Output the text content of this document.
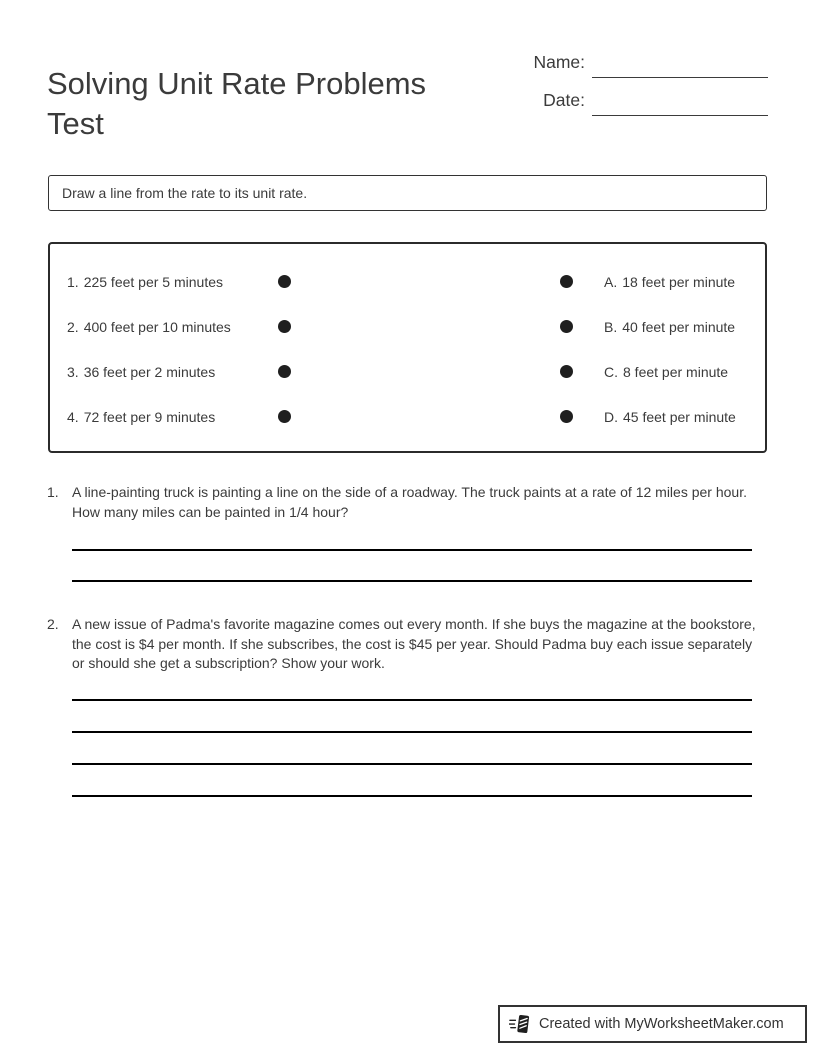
Solving Unit Rate Problems Test
Name:
Date:
Draw a line from the rate to its unit rate.
1. 225 feet per 5 minutes	A. 18 feet per minute
2. 400 feet per 10 minutes	B. 40 feet per minute
3. 36 feet per 2 minutes	C. 8 feet per minute
4. 72 feet per 9 minutes	D. 45 feet per minute
1. A line-painting truck is painting a line on the side of a roadway. The truck paints at a rate of 12 miles per hour. How many miles can be painted in 1/4 hour?
2. A new issue of Padma's favorite magazine comes out every month. If she buys the magazine at the bookstore, the cost is $4 per month. If she subscribes, the cost is $45 per year. Should Padma buy each issue separately or should she get a subscription? Show your work.
Created with MyWorksheetMaker.com
